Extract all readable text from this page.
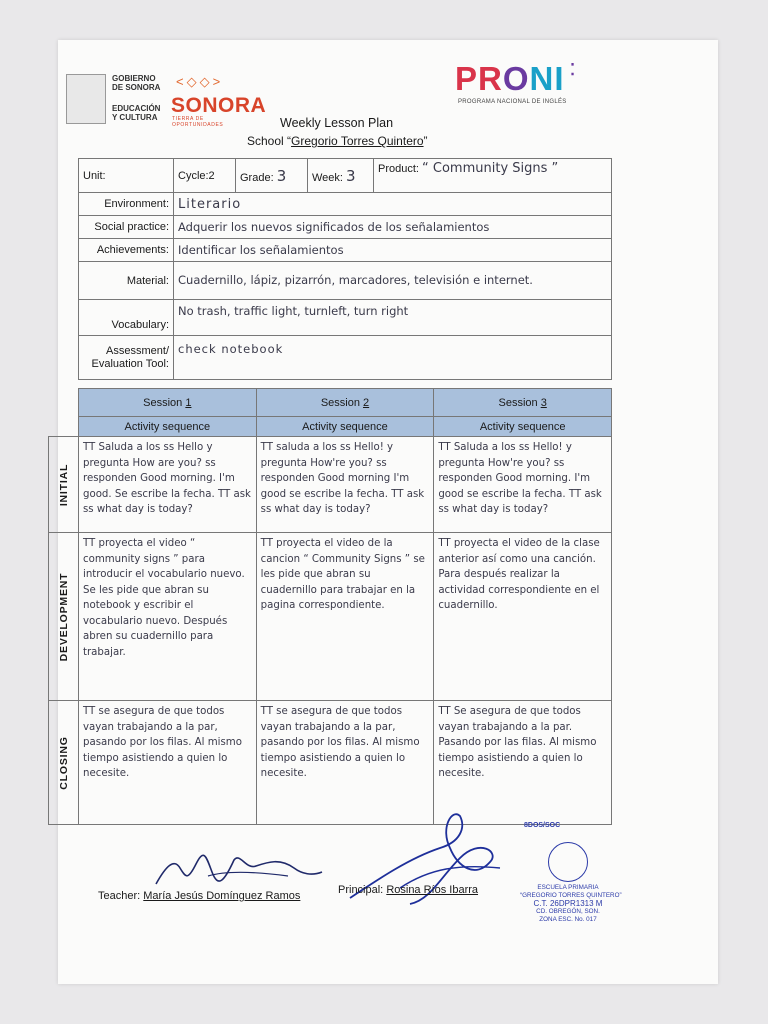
GOBIERNO
DE SONORA
EDUCACIÓN
Y CULTURA
<◇◇>
SONORA
TIERRA DE OPORTUNIDADES
PRONI ⁚
PROGRAMA NACIONAL DE INGLÉS
Weekly Lesson Plan
School “Gregorio Torres Quintero”
Unit:	Cycle:2	Grade: 3	Week: 3	Product: “ Community Signs ”
Environment:	Literario			
Social practice:	Adquerir los nuevos significados de los señalamientos			
Achievements:	Identificar los señalamientos			
Material:	Cuadernillo, lápiz, pizarrón, marcadores, televisión e internet.			
Vocabulary:	No trash, traffic light, turnleft, turn right			
Assessment/ Evaluation Tool:	check notebook			
	Session 1	Session 2	Session 3
	Activity sequence	Activity sequence	Activity sequence

INITIAL	TT Saluda a los ss Hello y pregunta How are you? ss responden Good morning. I'm good. Se escribe la fecha. TT ask ss what day is today?	TT saluda a los ss Hello! y pregunta How're you? ss responden Good morning I'm good se escribe la fecha. TT ask ss what day is today?	TT Saluda a los ss Hello! y pregunta How're you? ss responden Good morning. I'm good se escribe la fecha. TT ask ss what day is today?

DEVELOPMENT	TT proyecta el video “ community signs ” para introducir el vocabulario nuevo. Se les pide que abran su notebook y escribir el vocabulario nuevo. Después abren su cuadernillo para trabajar.	TT proyecta el video de la cancion “ Community Signs ” se les pide que abran su cuadernillo para trabajar en la pagina correspondiente.	TT proyecta el video de la clase anterior así como una canción. Para después realizar la actividad correspondiente en el cuadernillo.

CLOSING	TT se asegura de que todos vayan trabajando a la par, pasando por los filas. Al mismo tiempo asistiendo a quien lo necesite.	TT se asegura de que todos vayan trabajando a la par, pasando por los filas. Al mismo tiempo asistiendo a quien lo necesite.	TT Se asegura de que todos vayan trabajando a la par. Pasando por las filas. Al mismo tiempo asistiendo a quien lo necesite.
Teacher: María Jesús Domínguez Ramos	Principal: Rosina Ríos Ibarra
8DOS/SOC
ESCUELA PRIMARIA
“GREGORIO TORRES QUINTERO”
C.T. 26DPR1313 M
CD. OBREGÓN, SON.
ZONA ESC. No. 017
